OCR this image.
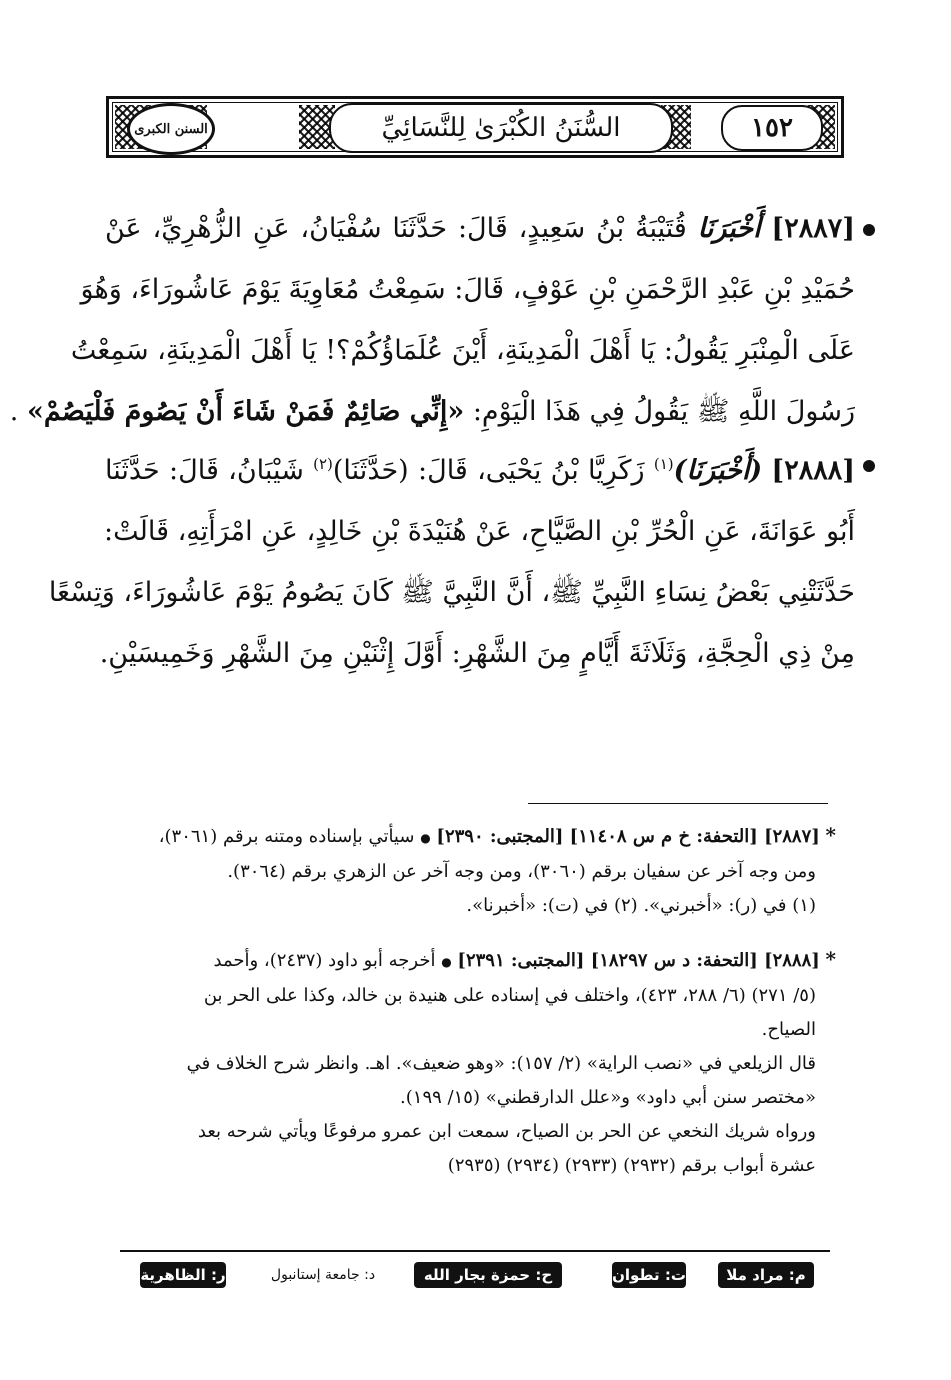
السنن الكبرى	السُّنَنُ الكُبْرَىٰ لِلنَّسَائِيِّ	١٥٢
[٢٨٨٧] أَخْبَرَنَا قُتَيْبَةُ بْنُ سَعِيدٍ، قَالَ: حَدَّثَنَا سُفْيَانُ، عَنِ الزُّهْرِيِّ، عَنْ
حُمَيْدِ بْنِ عَبْدِ الرَّحْمَنِ بْنِ عَوْفٍ، قَالَ: سَمِعْتُ مُعَاوِيَةَ يَوْمَ عَاشُورَاءَ، وَهُوَ
عَلَى الْمِنْبَرِ يَقُولُ: يَا أَهْلَ الْمَدِينَةِ، أَيْنَ عُلَمَاؤُكُمْ؟! يَا أَهْلَ الْمَدِينَةِ، سَمِعْتُ
رَسُولَ اللَّهِ ﷺ يَقُولُ فِي هَذَا الْيَوْمِ: «إِنِّي صَائِمٌ فَمَنْ شَاءَ أَنْ يَصُومَ فَلْيَصُمْ» .
[٢٨٨٨] (أَخْبَرَنَا)$^{(١)}$ زَكَرِيَّا بْنُ يَحْيَى، قَالَ: (حَدَّثَنَا)$^{(٢)}$ شَيْبَانُ، قَالَ: حَدَّثَنَا
أَبُو عَوَانَةَ، عَنِ الْحُرِّ بْنِ الصَّيَّاحِ، عَنْ هُنَيْدَةَ بْنِ خَالِدٍ، عَنِ امْرَأَتِهِ، قَالَتْ:
حَدَّثَتْنِي بَعْضُ نِسَاءِ النَّبِيِّ ﷺ، أَنَّ النَّبِيَّ ﷺ كَانَ يَصُومُ يَوْمَ عَاشُورَاءَ، وَتِسْعًا
مِنْ ذِي الْحِجَّةِ، وَثَلَاثَةَ أَيَّامٍ مِنَ الشَّهْرِ: أَوَّلَ إِثْنَيْنِ مِنَ الشَّهْرِ وَخَمِيسَيْنِ.
* [٢٨٨٧] [التحفة: خ م س ١١٤٠٨] [المجتبى: ٢٣٩٠] ● سيأتي بإسناده ومتنه برقم (٣٠٦١)،
ومن وجه آخر عن سفيان برقم (٣٠٦٠)، ومن وجه آخر عن الزهري برقم (٣٠٦٤).
(١) في (ر): «أخبرني». (٢) في (ت): «أخبرنا».
* [٢٨٨٨] [التحفة: د س ١٨٢٩٧] [المجتبى: ٢٣٩١] ● أخرجه أبو داود (٢٤٣٧)، وأحمد
(٥/ ٢٧١) (٦/ ٢٨٨، ٤٢٣)، واختلف في إسناده على هنيدة بن خالد، وكذا على الحر بن
الصياح.
قال الزيلعي في «نصب الراية» (٢/ ١٥٧): «وهو ضعيف». اهـ. وانظر شرح الخلاف في
«مختصر سنن أبي داود» و«علل الدارقطني» (١٥/ ١٩٩).
ورواه شريك النخعي عن الحر بن الصياح، سمعت ابن عمرو مرفوعًا ويأتي شرحه بعد
عشرة أبواب برقم (٢٩٣٢) (٢٩٣٣) (٢٩٣٤) (٢٩٣٥)
م: مراد ملا
ت: تطوان
ح: حمزة بجار الله
د: جامعة إستانبول
ر: الظاهرية
